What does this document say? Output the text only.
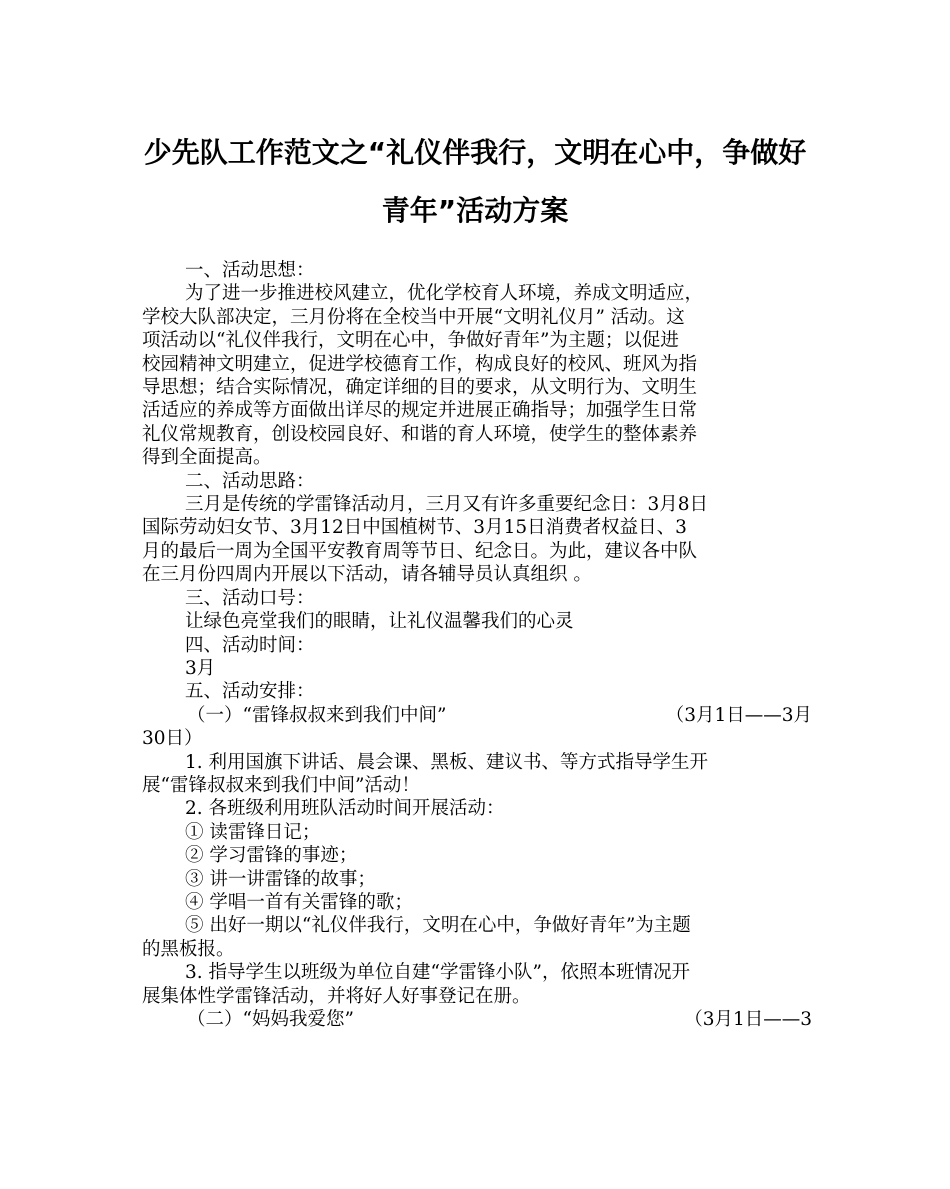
少先队工作范文之“礼仪伴我行，文明在心中，争做好
青年”活动方案
一、活动思想：
为了进一步推进校风建立，优化学校育人环境，养成文明适应，
学校大队部决定，三月份将在全校当中开展“文明礼仪月” 活动。这
项活动以“礼仪伴我行，文明在心中，争做好青年”为主题；以促进
校园精神文明建立，促进学校德育工作，构成良好的校风、班风为指
导思想；结合实际情况，确定详细的目的要求，从文明行为、文明生
活适应的养成等方面做出详尽的规定并进展正确指导；加强学生日常
礼仪常规教育，创设校园良好、和谐的育人环境，使学生的整体素养
得到全面提高。
二、活动思路：
三月是传统的学雷锋活动月，三月又有许多重要纪念日：3月8日
国际劳动妇女节、3月12日中国植树节、3月15日消费者权益日、3
月的最后一周为全国平安教育周等节日、纪念日。为此，建议各中队
在三月份四周内开展以下活动，请各辅导员认真组织 。
三、活动口号：
让绿色亮堂我们的眼睛，让礼仪温馨我们的心灵
四、活动时间：
3月
五、活动安排：
（一）“雷锋叔叔来到我们中间”	（3月1日——3月
30日）
1. 利用国旗下讲话、晨会课、黑板、建议书、等方式指导学生开
展“雷锋叔叔来到我们中间”活动！
2. 各班级利用班队活动时间开展活动：
① 读雷锋日记；
② 学习雷锋的事迹；
③ 讲一讲雷锋的故事；
④ 学唱一首有关雷锋的歌；
⑤ 出好一期以“礼仪伴我行，文明在心中，争做好青年”为主题
的黑板报。
3. 指导学生以班级为单位自建“学雷锋小队”，依照本班情况开
展集体性学雷锋活动，并将好人好事登记在册。
（二）“妈妈我爱您”	（3月1日——3
